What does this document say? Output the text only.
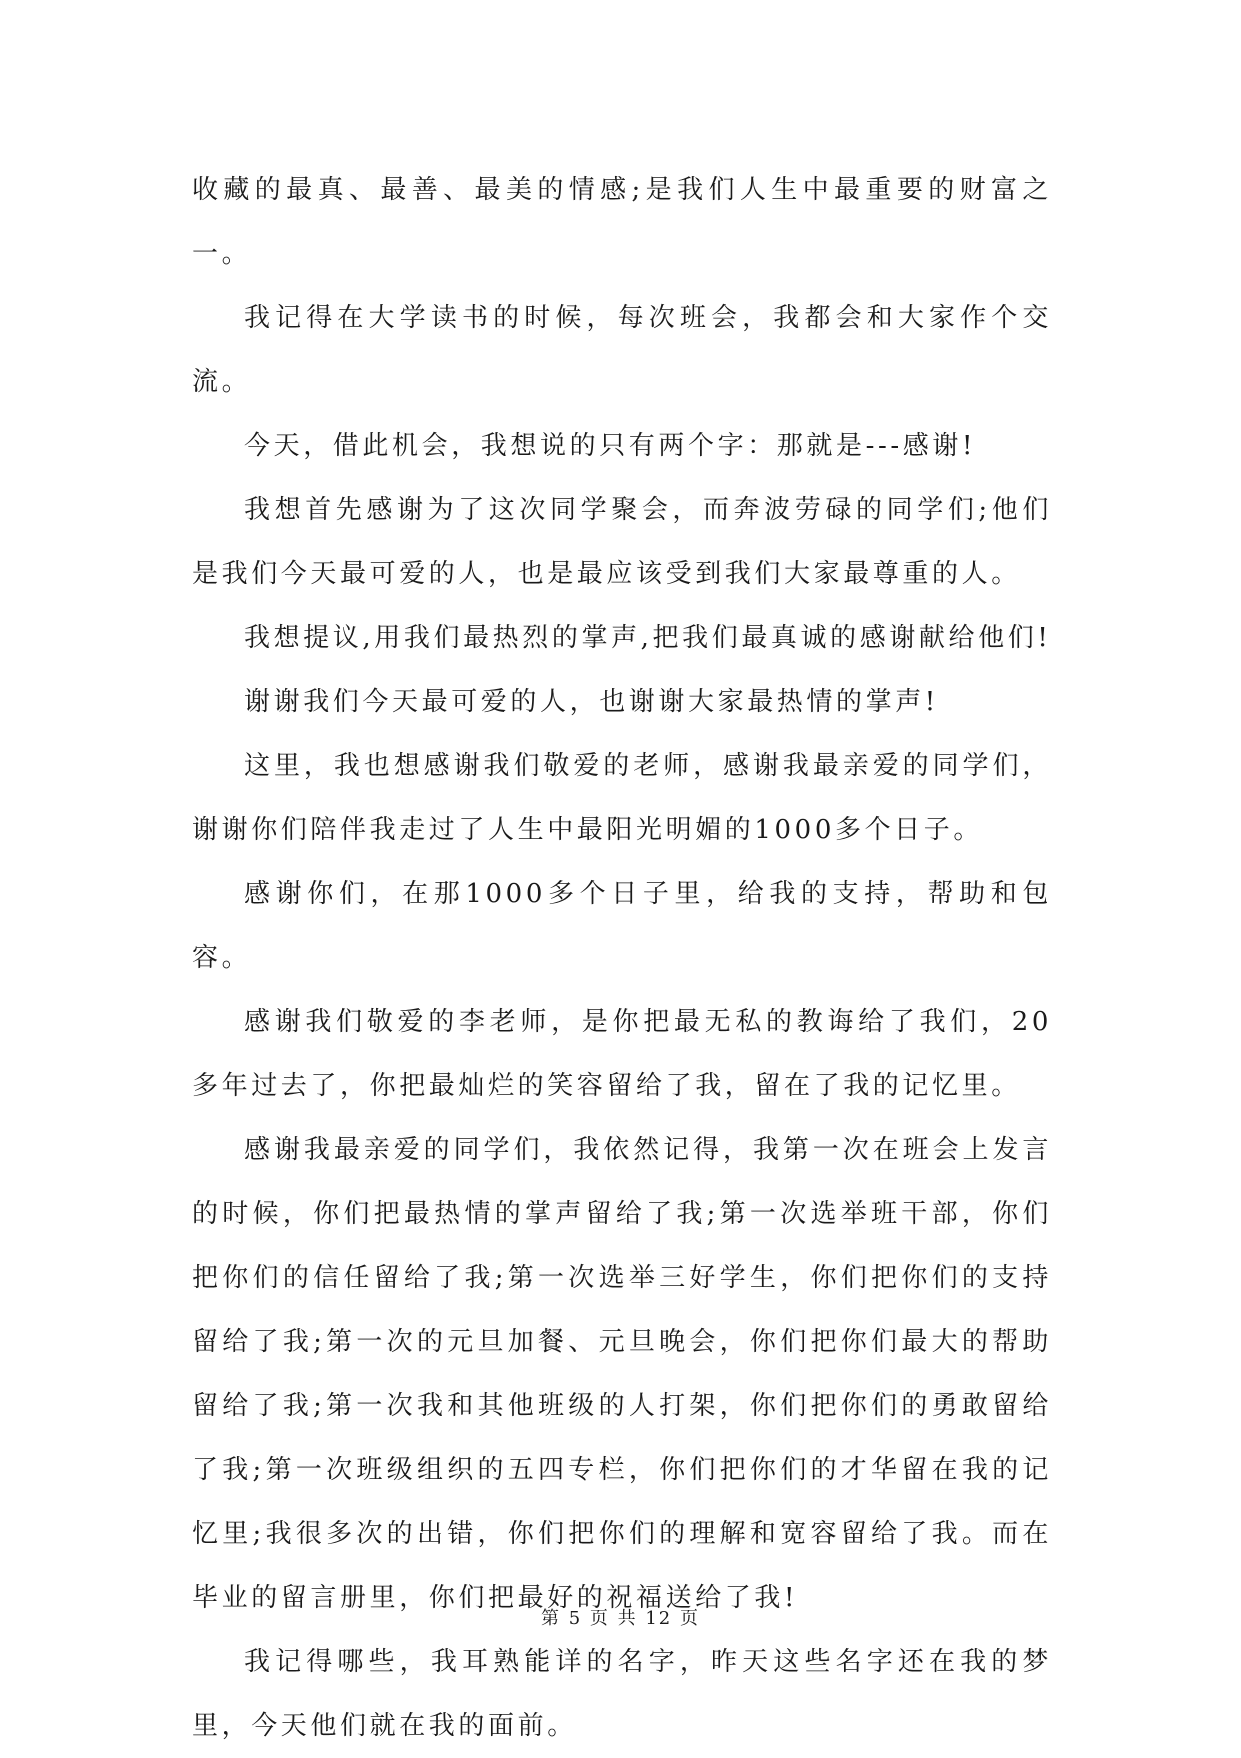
收藏的最真、最善、最美的情感;是我们人生中最重要的财富之一。

我记得在大学读书的时候，每次班会，我都会和大家作个交流。

今天，借此机会，我想说的只有两个字：那就是---感谢!

我想首先感谢为了这次同学聚会，而奔波劳碌的同学们;他们是我们今天最可爱的人，也是最应该受到我们大家最尊重的人。

我想提议,用我们最热烈的掌声,把我们最真诚的感谢献给他们!

谢谢我们今天最可爱的人，也谢谢大家最热情的掌声!

这里，我也想感谢我们敬爱的老师，感谢我最亲爱的同学们，谢谢你们陪伴我走过了人生中最阳光明媚的1000多个日子。

感谢你们，在那1000多个日子里，给我的支持，帮助和包容。

感谢我们敬爱的李老师，是你把最无私的教诲给了我们，20多年过去了，你把最灿烂的笑容留给了我，留在了我的记忆里。

感谢我最亲爱的同学们，我依然记得，我第一次在班会上发言的时候，你们把最热情的掌声留给了我;第一次选举班干部，你们把你们的信任留给了我;第一次选举三好学生，你们把你们的支持留给了我;第一次的元旦加餐、元旦晚会，你们把你们最大的帮助留给了我;第一次我和其他班级的人打架，你们把你们的勇敢留给了我;第一次班级组织的五四专栏，你们把你们的才华留在我的记忆里;我很多次的出错，你们把你们的理解和宽容留给了我。而在毕业的留言册里，你们把最好的祝福送给了我!

我记得哪些，我耳熟能详的名字，昨天这些名字还在我的梦里，今天他们就在我的面前。

第 5 页 共 12 页
